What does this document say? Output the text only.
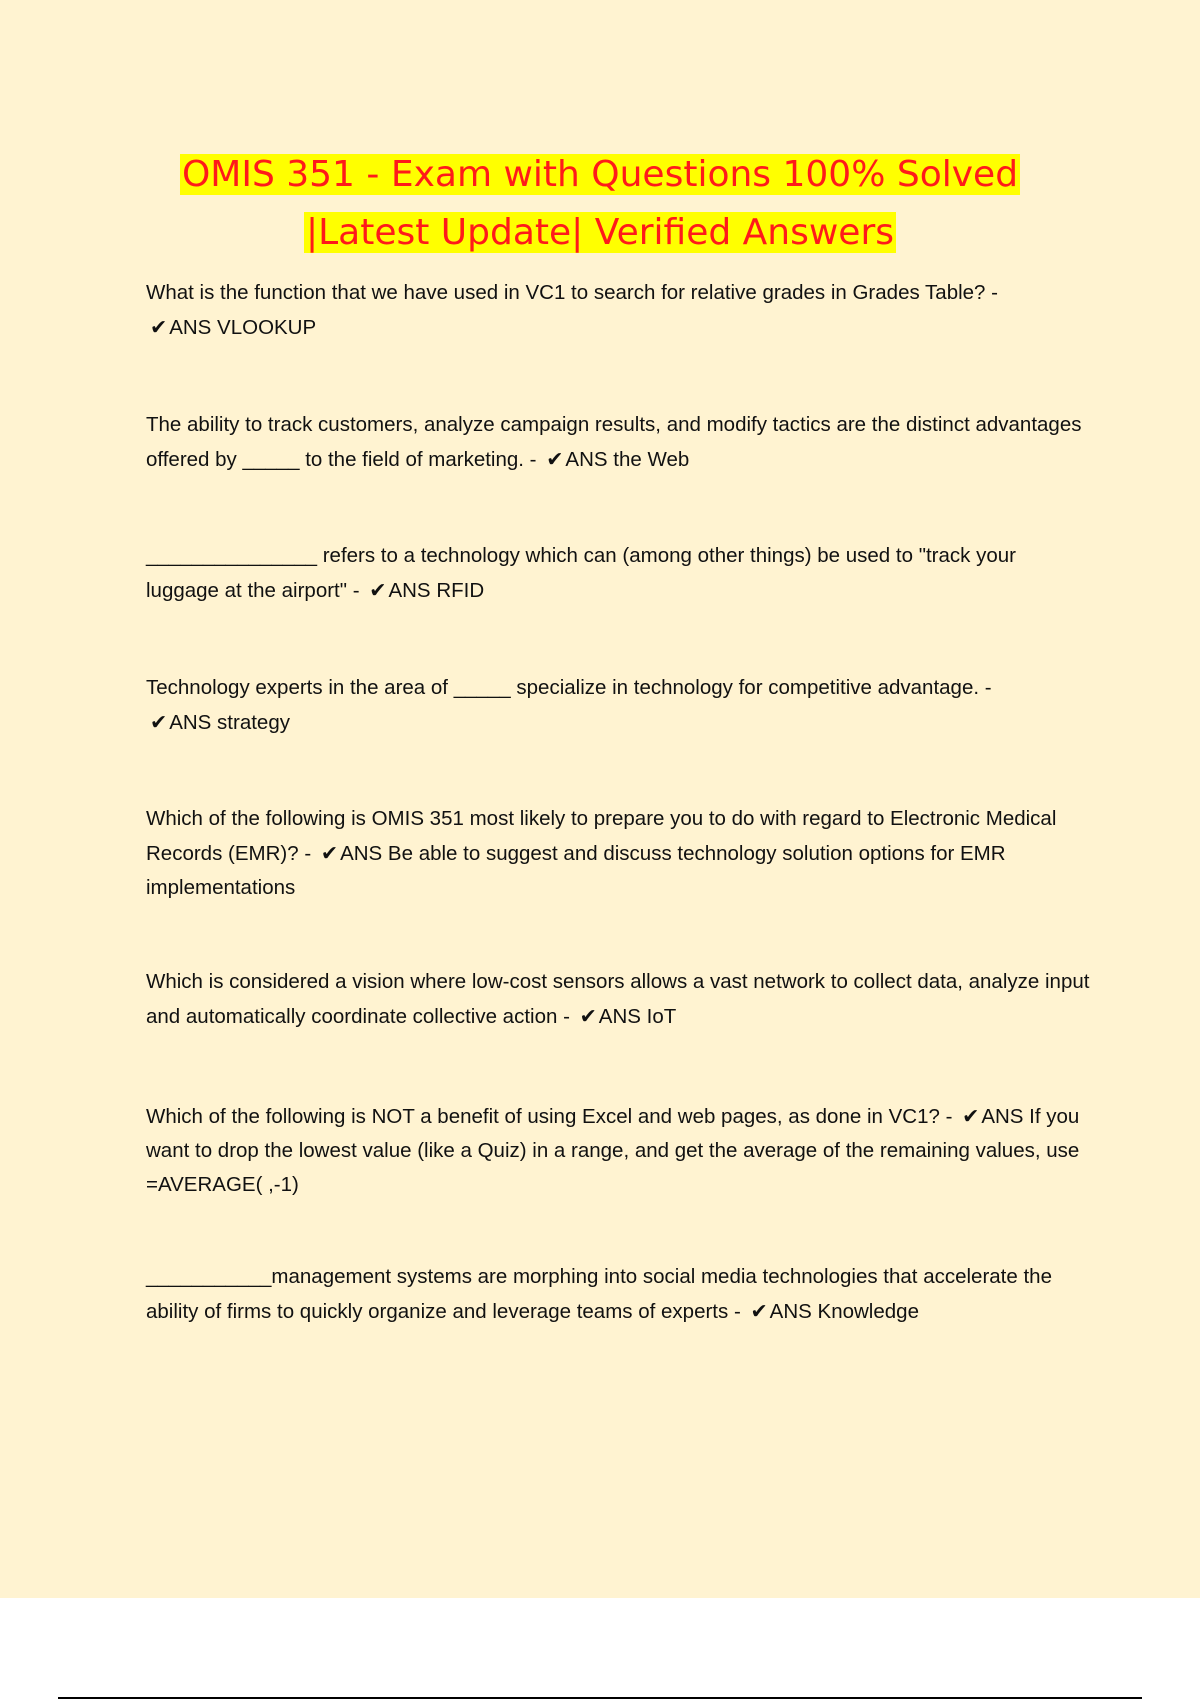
OMIS 351 - Exam with Questions 100% Solved
|Latest Update| Verified Answers

What is the function that we have used in VC1 to search for relative grades in Grades Table? -
✔ANS VLOOKUP

The ability to track customers, analyze campaign results, and modify tactics are the distinct advantages offered by _____ to the field of marketing. - ✔ANS the Web

_______________ refers to a technology which can (among other things) be used to "track your luggage at the airport" - ✔ANS RFID

Technology experts in the area of _____ specialize in technology for competitive advantage. -
✔ANS strategy

Which of the following is OMIS 351 most likely to prepare you to do with regard to Electronic Medical Records (EMR)? - ✔ANS Be able to suggest and discuss technology solution options for EMR implementations

Which is considered a vision where low-cost sensors allows a vast network to collect data, analyze input and automatically coordinate collective action - ✔ANS IoT

Which of the following is NOT a benefit of using Excel and web pages, as done in VC1? - ✔ANS If you want to drop the lowest value (like a Quiz) in a range, and get the average of the remaining values, use =AVERAGE( ,-1)

___________management systems are morphing into social media technologies that accelerate the ability of firms to quickly organize and leverage teams of experts - ✔ANS Knowledge
